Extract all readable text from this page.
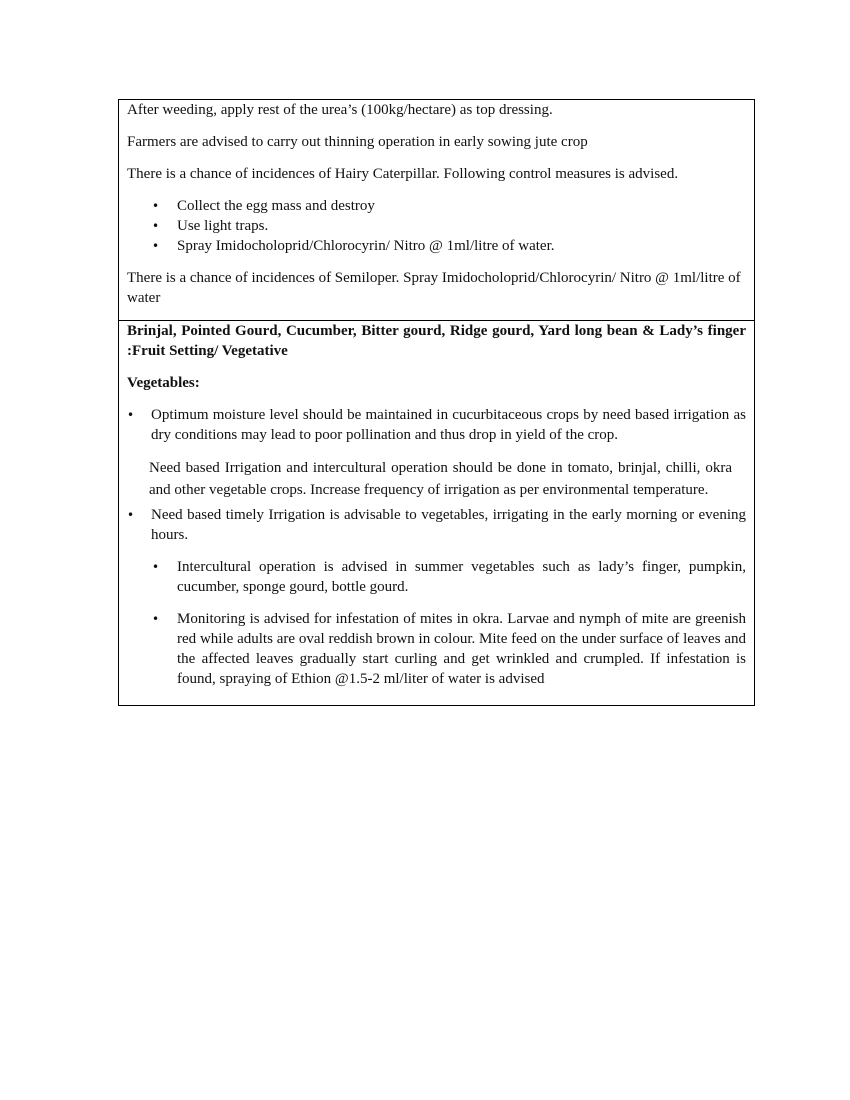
After weeding, apply rest of the urea’s (100kg/hectare) as top dressing.

Farmers are advised to carry out thinning operation in early sowing jute crop

There is a chance of incidences of Hairy Caterpillar. Following control measures is advised.

• Collect the egg mass and destroy
• Use light traps.
• Spray Imidocholoprid/Chlorocyrin/ Nitro @ 1ml/litre of water.

There is a chance of incidences of Semiloper. Spray Imidocholoprid/Chlorocyrin/ Nitro @ 1ml/litre of water

Brinjal, Pointed Gourd, Cucumber, Bitter gourd, Ridge gourd, Yard long bean & Lady’s finger :Fruit Setting/ Vegetative

Vegetables:

• Optimum moisture level should be maintained in cucurbitaceous crops by need based irrigation as dry conditions may lead to poor pollination and thus drop in yield of the crop.

Need based Irrigation and intercultural operation should be done in tomato, brinjal, chilli, okra and other vegetable crops. Increase frequency of irrigation as per environmental temperature.

• Need based timely Irrigation is advisable to vegetables, irrigating in the early morning or evening hours.
• Intercultural operation is advised in summer vegetables such as lady’s finger, pumpkin, cucumber, sponge gourd, bottle gourd.
• Monitoring is advised for infestation of mites in okra. Larvae and nymph of mite are greenish red while adults are oval reddish brown in colour. Mite feed on the under surface of leaves and the affected leaves gradually start curling and get wrinkled and crumpled. If infestation is found, spraying of Ethion @1.5-2 ml/liter of water is advised
